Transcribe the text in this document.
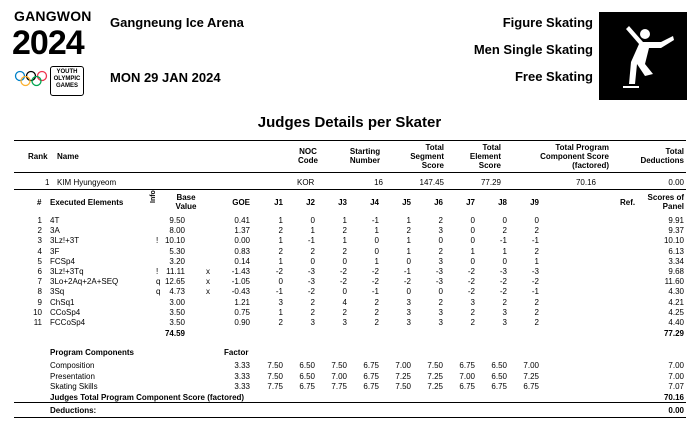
GANGWON
2024
YOUTH
OLYMPIC
GAMES
Gangneung Ice Arena
MON 29 JAN 2024
Figure Skating
Men Single Skating
Free Skating
Judges Details per Skater
Rank Name
NOC
Code
Starting
Number
Total
Segment
Score
Total
Element
Score
Total Program
Component Score
(factored)
Total
Deductions
1 KIM Hyungyeom	KOR	16	147.45	77.29	70.16	0.00
# Executed Elements	Info	Base
Value	GOE	J1	J2	J3	J4	J5	J6	J7	J8	J9	Ref.
Scores of
Panel
1 4T	9.50	0.41	1	0	1	-1	1	2	0	0	0	9.91
2 3A	8.00	1.37	2	1	2	1	2	3	0	2	2	9.37
3 3Lz!+3T	! 10.10	0.00	1	-1	1	0	1	0	0	-1	-1	10.10
4 3F	5.30	0.83	2	2	2	0	1	2	1	1	2	6.13
5 FCSp4	3.20	0.14	1	0	0	1	0	3	0	0	1	3.34
6 3Lz!+3Tq	! 11.11	x	-1.43	-2	-3	-2	-2	-1	-3	-2	-3	-3	9.68
7 3Lo+2Aq+2A+SEQ	q 12.65	x	-1.05	0	-3	-2	-2	-2	-3	-2	-2	-2	11.60
8 3Sq	q	4.73	x	-0.43	-1	-2	0	-1	0	0	-2	-2	-1	4.30
9 ChSq1	3.00	1.21	3	2	4	2	3	2	3	2	2	4.21
10 CCoSp4	3.50	0.75	1	2	2	2	3	3	2	3	2	4.25
11 FCCoSp4	3.50	0.90	2	3	3	2	3	3	2	3	2	4.40
74.59	77.29
Program Components	Factor
Composition	3.33	7.50	6.50	7.50	6.75	7.00	7.50	6.75	6.50	7.00	7.00
Presentation	3.33	7.50	6.50	7.00	6.75	7.25	7.25	7.00	6.50	7.25	7.00
Skating Skills	3.33	7.75	6.75	7.75	6.75	7.50	7.25	6.75	6.75	6.75	7.07
Judges Total Program Component Score (factored)	70.16
Deductions:	0.00
